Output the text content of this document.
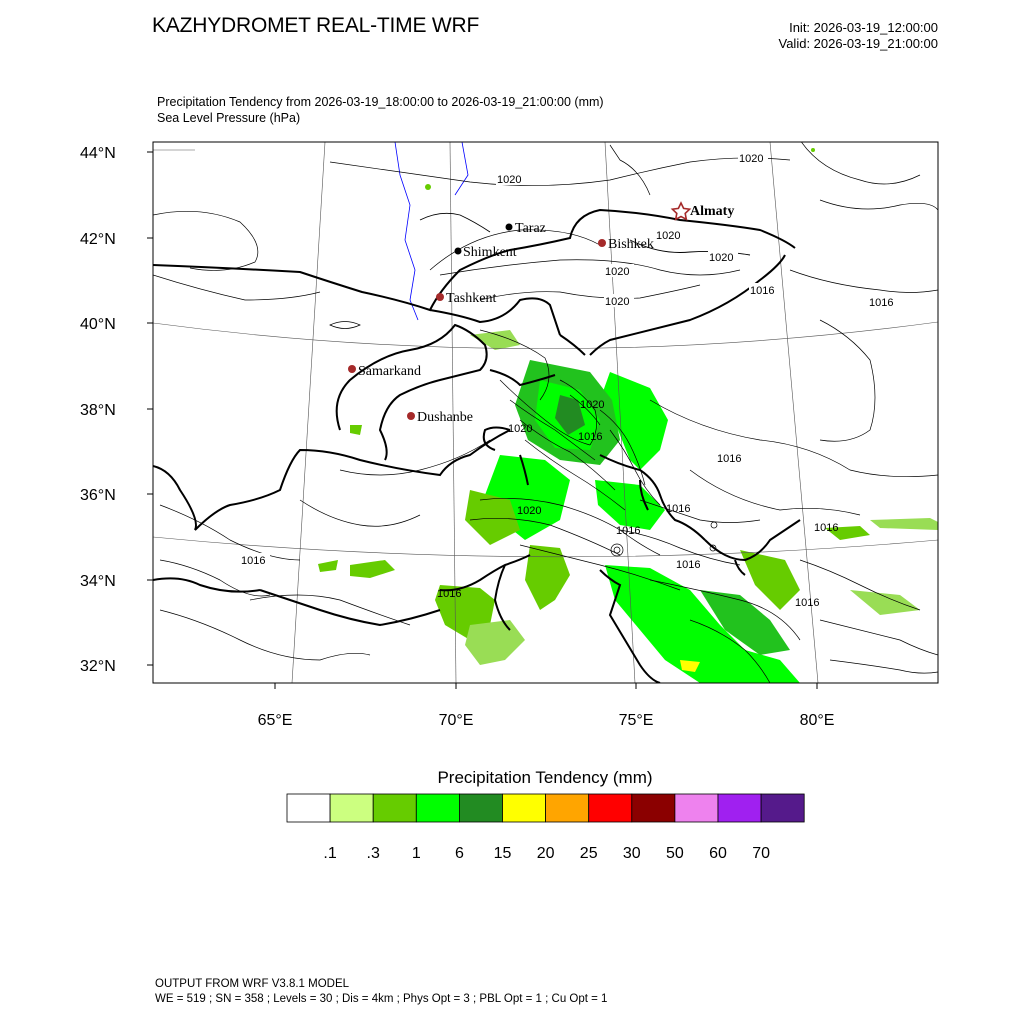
KAZHYDROMET REAL-TIME WRF	Init: 2026-03-19_12:00:00
Valid: 2026-03-19_21:00:00
Precipitation Tendency from 2026-03-19_18:00:00 to 2026-03-19_21:00:00 (mm)
Sea Level Pressure (hPa)
44°N
42°N
40°N
38°N
36°N
34°N
32°N
65°E	70°E	75°E	80°E
1020
1020
1020
1020
1020
1020
1020
1020
1020
1016
1016
1016
1016
1016
1016	1016
1016	1016
1016
1016
Taraz
Shimkent
Bishkek
Almaty
Tashkent
Samarkand
Dushanbe
.1 .3 1 6 15 20 25 30 50 60 70
Precipitation Tendency (mm)
OUTPUT FROM WRF V3.8.1 MODEL
WE = 519 ; SN = 358 ; Levels = 30 ; Dis = 4km ; Phys Opt = 3 ; PBL Opt = 1 ; Cu Opt = 1
